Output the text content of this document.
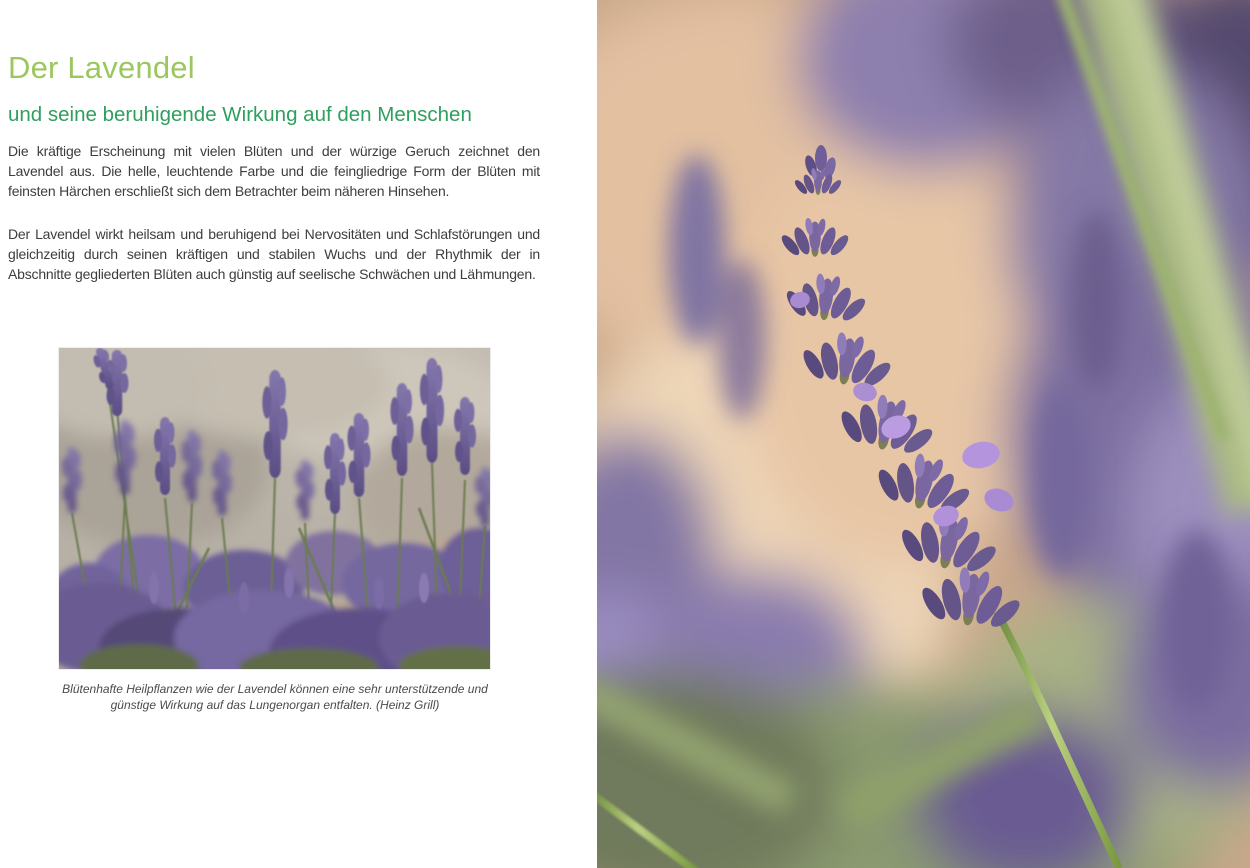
Der Lavendel
und seine beruhigende Wirkung auf den Menschen

Die kräftige Erscheinung mit vielen Blüten und der würzige Geruch zeichnet den Lavendel aus. Die helle, leuchtende Farbe und die feingliedrige Form der Blüten mit feinsten Härchen erschließt sich dem Betrachter beim näheren Hinsehen.

Der Lavendel wirkt heilsam und beruhigend bei Nervositäten und Schlafstörungen und gleichzeitig durch seinen kräftigen und stabilen Wuchs und der Rhythmik der in Abschnitte gegliederten Blüten auch günstig auf seelische Schwächen und Lähmungen.

Blütenhafte Heilpflanzen wie der Lavendel können eine sehr unterstützende und günstige Wirkung auf das Lungenorgan entfalten. (Heinz Grill)
